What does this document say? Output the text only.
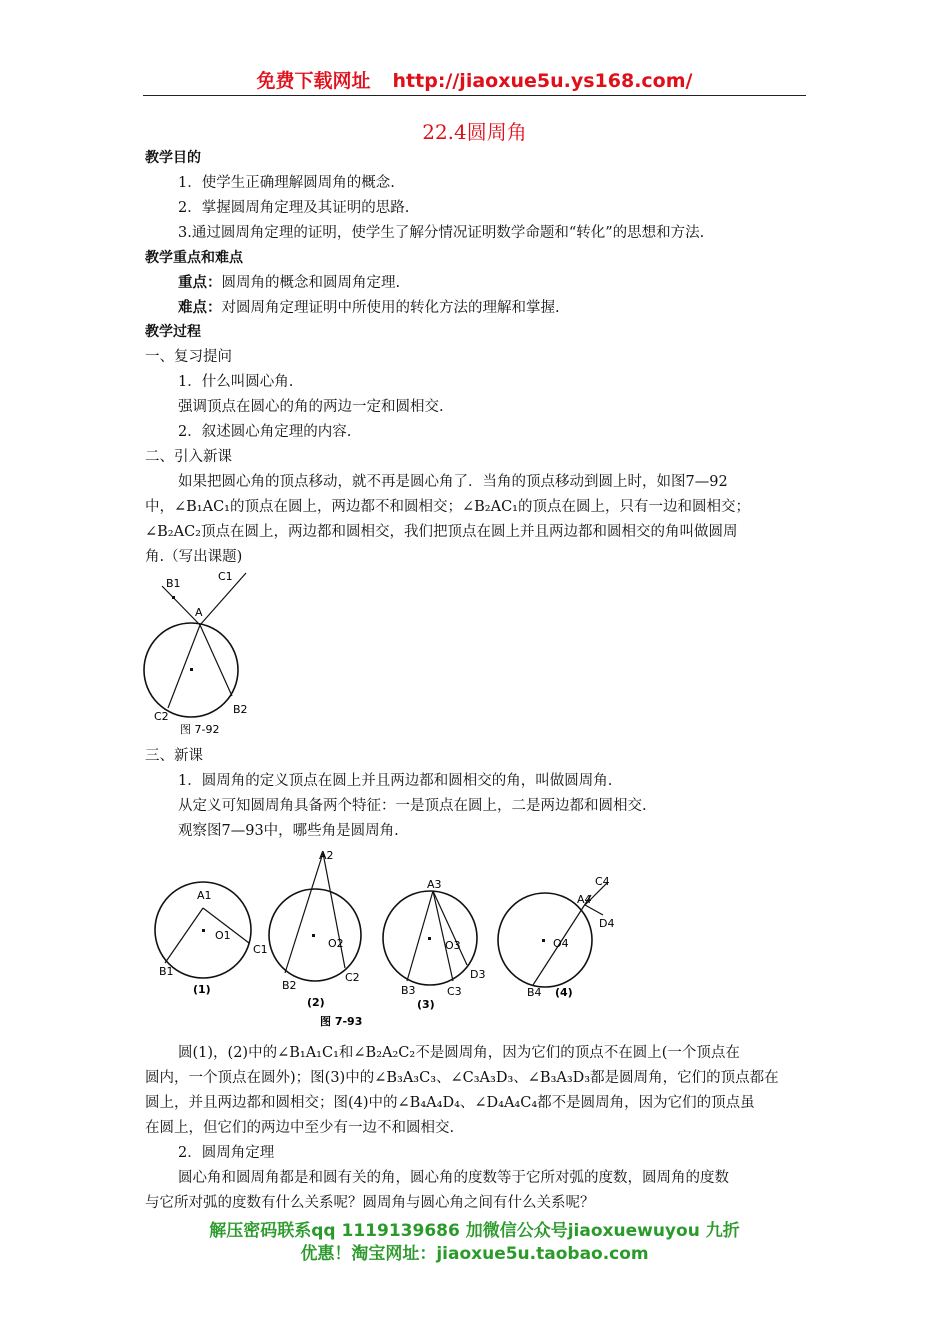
免费下载网址 http://jiaoxue5u.ys168.com/
22.4圆周角
教学目的
1．使学生正确理解圆周角的概念.
2．掌握圆周角定理及其证明的思路.
3.通过圆周角定理的证明，使学生了解分情况证明数学命题和“转化”的思想和方法.
教学重点和难点
重点：圆周角的概念和圆周角定理.
难点：对圆周角定理证明中所使用的转化方法的理解和掌握.
教学过程
一、复习提问
1．什么叫圆心角.
强调顶点在圆心的角的两边一定和圆相交.
2．叙述圆心角定理的内容.
二、引入新课
如果把圆心角的顶点移动，就不再是圆心角了．当角的顶点移动到圆上时，如图7—92
中，∠B₁AC₁的顶点在圆上，两边都不和圆相交；∠B₂AC₁的顶点在圆上，只有一边和圆相交；
∠B₂AC₂顶点在圆上，两边都和圆相交，我们把顶点在圆上并且两边都和圆相交的角叫做圆周
角.（写出课题)
B1
C1
A
C2
B2
图 7-92
三、新课
1．圆周角的定义顶点在圆上并且两边都和圆相交的角，叫做圆周角.
从定义可知圆周角具备两个特征：一是顶点在圆上，二是两边都和圆相交.
观察图7—93中，哪些角是圆周角.
A1
O1
B1
C1
(1)
A2
O2
B2
C2
(2)
A3
O3
B3	C3
D3
(3)
C4
A4
D4
O4
B4 (4)
图 7-93
圆(1)，(2)中的∠B₁A₁C₁和∠B₂A₂C₂不是圆周角，因为它们的顶点不在圆上(一个顶点在
圆内，一个顶点在圆外)；图(3)中的∠B₃A₃C₃、∠C₃A₃D₃、∠B₃A₃D₃都是圆周角，它们的顶点都在
圆上，并且两边都和圆相交；图(4)中的∠B₄A₄D₄、∠D₄A₄C₄都不是圆周角，因为它们的顶点虽
在圆上，但它们的两边中至少有一边不和圆相交.
2．圆周角定理
圆心角和圆周角都是和圆有关的角，圆心角的度数等于它所对弧的度数，圆周角的度数
与它所对弧的度数有什么关系呢？圆周角与圆心角之间有什么关系呢？
解压密码联系qq 1119139686 加微信公众号jiaoxuewuyou 九折
优惠！淘宝网址：jiaoxue5u.taobao.com
